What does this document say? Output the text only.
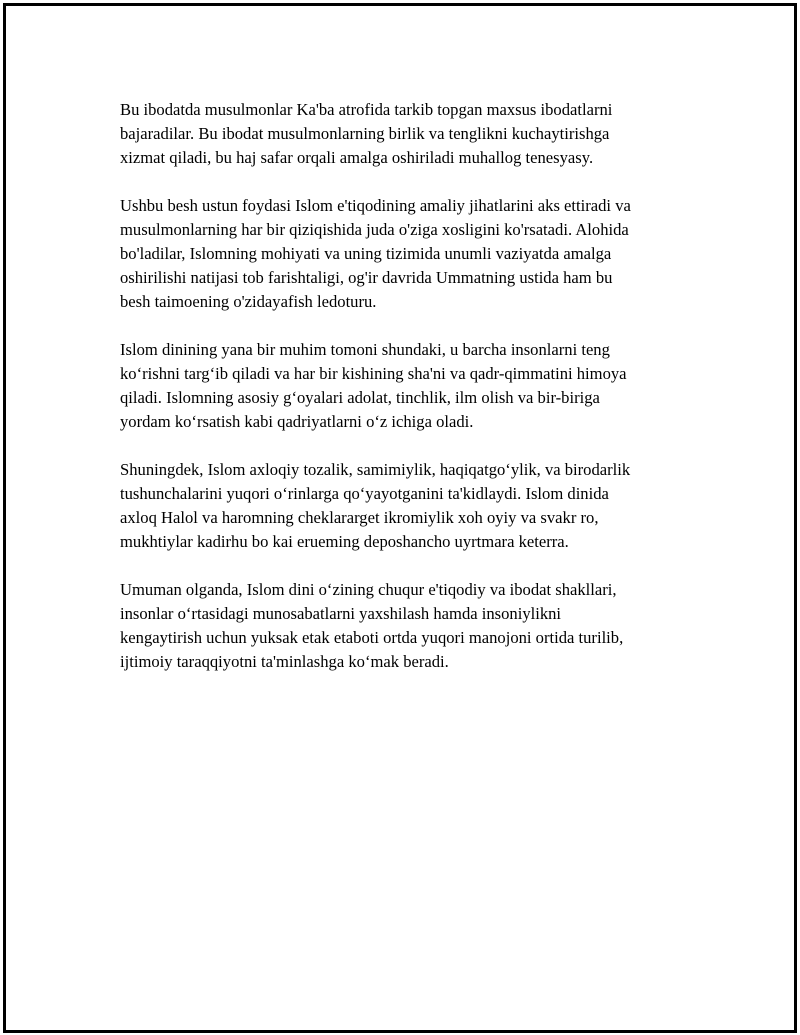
Bu ibodatda musulmonlar Ka'ba atrofida tarkib topgan maxsus ibodatlarni
bajaradilar. Bu ibodat musulmonlarning birlik va tenglikni kuchaytirishga
xizmat qiladi, bu haj safar orqali amalga oshiriladi muhallog tenesyasy.

Ushbu besh ustun foydasi Islom e'tiqodining amaliy jihatlarini aks ettiradi va
musulmonlarning har bir qiziqishida juda o'ziga xosligini ko'rsatadi. Alohida
bo'ladilar, Islomning mohiyati va uning tizimida unumli vaziyatda amalga
oshirilishi natijasi tob farishtaligi, og'ir davrida Ummatning ustida ham bu
besh taimoening o'zidayafish ledoturu.

Islom dinining yana bir muhim tomoni shundaki, u barcha insonlarni teng
ko‘rishni targ‘ib qiladi va har bir kishining sha'ni va qadr-qimmatini himoya
qiladi. Islomning asosiy g‘oyalari adolat, tinchlik, ilm olish va bir-biriga
yordam ko‘rsatish kabi qadriyatlarni o‘z ichiga oladi.

Shuningdek, Islom axloqiy tozalik, samimiylik, haqiqatgo‘ylik, va birodarlik
tushunchalarini yuqori o‘rinlarga qo‘yayotganini ta'kidlaydi. Islom dinida
axloq Halol va haromning cheklararget ikromiylik xoh oyiy va svakr ro,
mukhtiylar kadirhu bo kai erueming deposhancho uyrtmara keterra.

Umuman olganda, Islom dini o‘zining chuqur e'tiqodiy va ibodat shakllari,
insonlar o‘rtasidagi munosabatlarni yaxshilash hamda insoniylikni
kengaytirish uchun yuksak etak etaboti ortda yuqori manojoni ortida turilib,
ijtimoiy taraqqiyotni ta'minlashga ko‘mak beradi.
